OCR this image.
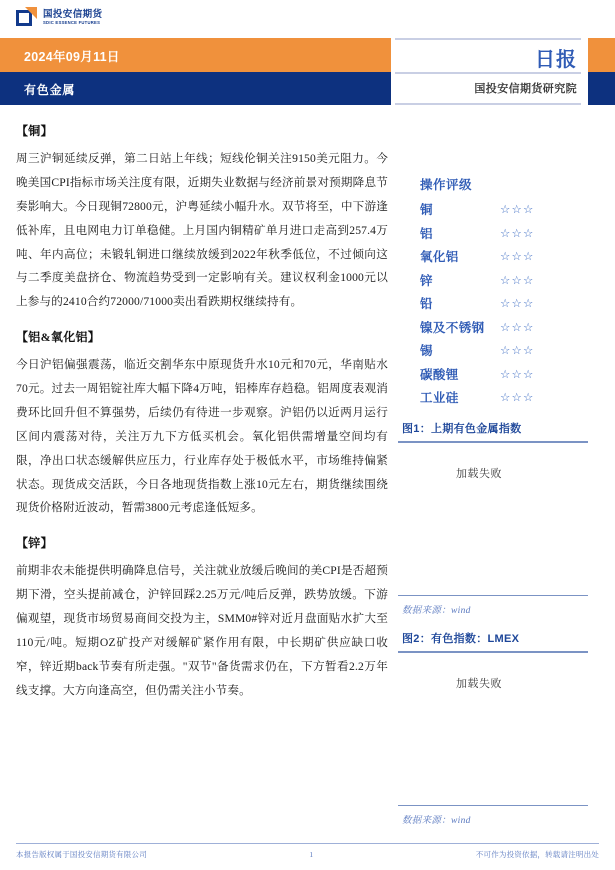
国投安信期货
SDIC ESSENCE FUTURES
2024年09月11日
有色金属
日报
国投安信期货研究院
【铜】
周三沪铜延续反弹，第二日站上年线；短线伦铜关注9150美元阻力。今晚美国CPI指标市场关注度有限，近期失业数据与经济前景对预期降息节奏影响大。今日现铜72800元，沪粤延续小幅升水。双节将至，中下游逢低补库，且电网电力订单稳健。上月国内铜精矿单月进口走高到257.4万吨、年内高位；未锻轧铜进口继续放缓到2022年秋季低位，不过倾向这与二季度美盘挤仓、物流趋势受到一定影响有关。建议权利金1000元以上参与的2410合约72000/71000卖出看跌期权继续持有。
【铝&氧化铝】
今日沪铝偏强震荡，临近交割华东中原现货升水10元和70元，华南贴水70元。过去一周铝锭社库大幅下降4万吨，铝棒库存趋稳。铝周度表观消费环比回升但不算强势，后续仍有待进一步观察。沪铝仍以近两月运行区间内震荡对待，关注万九下方低买机会。氧化铝供需增量空间均有限，净出口状态缓解供应压力，行业库存处于极低水平，市场维持偏紧状态。现货成交活跃，今日各地现货指数上涨10元左右，期货继续围绕现货价格附近波动，暂需3800元考虑逢低短多。
【锌】
前期非农未能提供明确降息信号，关注就业放缓后晚间的美CPI是否超预期下滑，空头提前减仓，沪锌回踩2.25万元/吨后反弹，跌势放缓。下游偏观望，现货市场贸易商间交投为主，SMM0#锌对近月盘面贴水扩大至110元/吨。短期OZ矿投产对缓解矿紧作用有限，中长期矿供应缺口收窄，锌近期back节奏有所走强。"双节"备货需求仍在，下方暂看2.2万年线支撑。大方向逢高空，但仍需关注小节奏。
操作评级
铜	☆☆☆
铝	☆☆☆
氧化铝	☆☆☆
锌	☆☆☆
铅	☆☆☆
镍及不锈钢	☆☆☆
锡	☆☆☆
碳酸锂	☆☆☆
工业硅	☆☆☆
图1：上期有色金属指数
加载失败
数据来源：wind
图2：有色指数：LMEX
加载失败
数据来源：wind
本报告版权属于国投安信期货有限公司	1	不可作为投资依据，转载请注明出处
